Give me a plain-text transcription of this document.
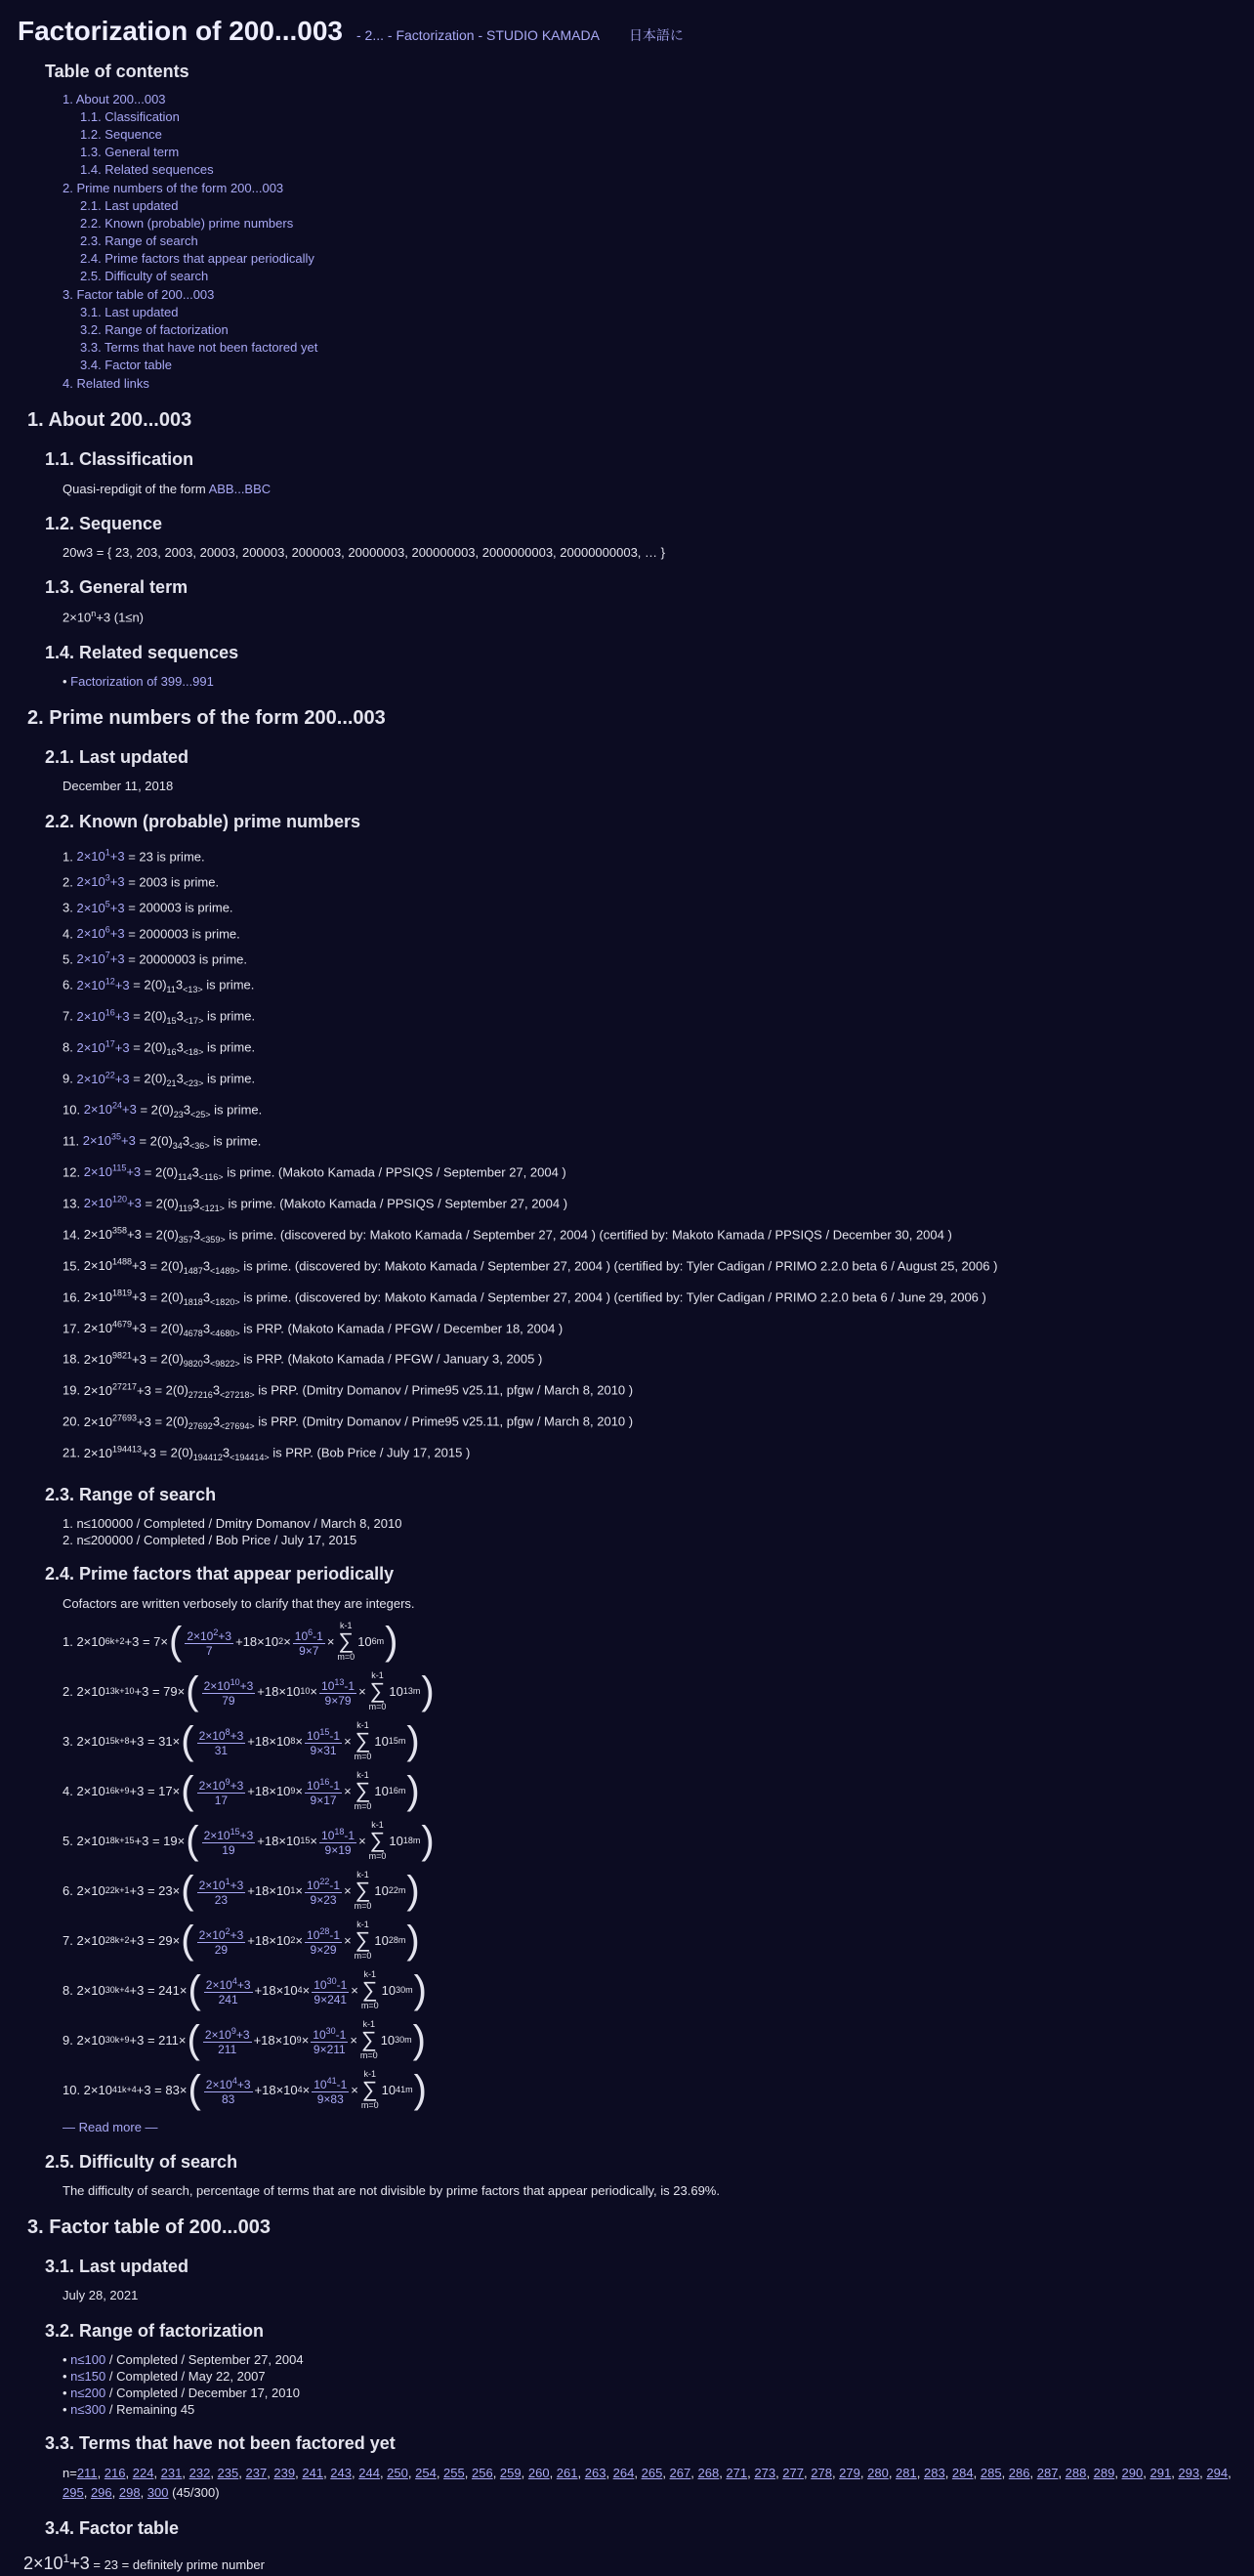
Factorization of 200...003 - 2... - Factorization - STUDIO KAMADA 日本語に
Table of contents
1. About 200...003
1.1. Classification
1.2. Sequence
1.3. General term
1.4. Related sequences
2. Prime numbers of the form 200...003
2.1. Last updated
2.2. Known (probable) prime numbers
2.3. Range of search
2.4. Prime factors that appear periodically
2.5. Difficulty of search
3. Factor table of 200...003
3.1. Last updated
3.2. Range of factorization
3.3. Terms that have not been factored yet
3.4. Factor table
4. Related links
1. About 200...003
1.1. Classification

Quasi-repdigit of the form ABB...BBC

1.2. Sequence

20w3 = { 23, 203, 2003, 20003, 200003, 2000003, 20000003, 200000003, 2000000003, 20000000003, … }

1.3. General term

$2\times 10^n+3$ (1≤n)

1.4. Related sequences

• Factorization of 399...991

2. Prime numbers of the form 200...003
2.1. Last updated

December 11, 2018

2.2. Known (probable) prime numbers
1. $2\times 10^1+3 = 23$ is prime.
2. $2\times 10^3+3 = 2003$ is prime.
3. $2\times 10^5+3 = 200003$ is prime.
4. $2\times 10^6+3 = 2000003$ is prime.
5. $2\times 10^7+3 = 20000003$ is prime.
6. $2\times 10^{12}+3 = 2(0)_{11}3_{<13>}$ is prime.
7. $2\times 10^{16}+3 = 2(0)_{15}3_{<17>}$ is prime.
8. $2\times 10^{17}+3 = 2(0)_{16}3_{<18>}$ is prime.
9. $2\times 10^{22}+3 = 2(0)_{21}3_{<23>}$ is prime.
10. $2\times 10^{24}+3 = 2(0)_{23}3_{<25>}$ is prime.
11. $2\times 10^{35}+3 = 2(0)_{34}3_{<36>}$ is prime.
12. $2\times 10^{115}+3 = 2(0)_{114}3_{<116>}$ is prime. (Makoto Kamada / PPSIQS / September 27, 2004 )
13. $2\times 10^{120}+3 = 2(0)_{119}3_{<121>}$ is prime. (Makoto Kamada / PPSIQS / September 27, 2004 )
14. $2\times 10^{358}+3 = 2(0)_{357}3_{<359>}$ is prime. (discovered by: Makoto Kamada / September 27, 2004 ) (certified by: Makoto Kamada / PPSIQS / December 30, 2004 )
15. $2\times 10^{1488}+3 = 2(0)_{1487}3_{<1489>}$ is prime. (discovered by: Makoto Kamada / September 27, 2004 ) (certified by: Tyler Cadigan / PRIMO 2.2.0 beta 6 / August 25, 2006 )
16. $2\times 10^{1819}+3 = 2(0)_{1818}3_{<1820>}$ is prime. (discovered by: Makoto Kamada / September 27, 2004 ) (certified by: Tyler Cadigan / PRIMO 2.2.0 beta 6 / June 29, 2006 )
17. $2\times 10^{4679}+3 = 2(0)_{4678}3_{<4680>}$ is PRP. (Makoto Kamada / PFGW / December 18, 2004 )
18. $2\times 10^{9821}+3 = 2(0)_{9820}3_{<9822>}$ is PRP. (Makoto Kamada / PFGW / January 3, 2005 )
19. $2\times 10^{27217}+3 = 2(0)_{27216}3_{<27218>}$ is PRP. (Dmitry Domanov / Prime95 v25.11, pfgw / March 8, 2010 )
20. $2\times 10^{27693}+3 = 2(0)_{27692}3_{<27694>}$ is PRP. (Dmitry Domanov / Prime95 v25.11, pfgw / March 8, 2010 )
21. $2\times 10^{194413}+3 = 2(0)_{194412}3_{<194414>}$ is PRP. (Bob Price / July 17, 2015 )
2.3. Range of search
1. n≤100000 / Completed / Dmitry Domanov / March 8, 2010
2. n≤200000 / Completed / Bob Price / July 17, 2015
2.4. Prime factors that appear periodically

Cofactors are written verbosely to clarify that they are integers.

1. 2×10 6k+2 +3 = 7× ( $\frac{2\times 10^2+3}{7} +18\times 10$ $2 \times \frac{10^6-1}{9\times 7}$ ×
k-1
∑
m=0
10 6m )
2. 2×10 13k+10 +3 = 79× ( $\frac{2\times 10^{10}+3}{79} +18\times 10$ $10 \times \frac{10^{13}-1}{9\times 79}$ ×
k-1
∑
m=0
10 13m )
3. 2×10 15k+8 +3 = 31× ( $\frac{2\times 10^8+3}{31} +18\times 10$ $8 \times \frac{10^{15}-1}{9\times 31}$ ×
k-1
∑
m=0
10 15m )
4. 2×10 16k+9 +3 = 17× ( $\frac{2\times 10^9+3}{17} +18\times 10$ $9 \times \frac{10^{16}-1}{9\times 17}$ ×
k-1
∑
m=0
10 16m )
5. 2×10 18k+15 +3 = 19× ( $\frac{2\times 10^{15}+3}{19} +18\times 10$ $15 \times \frac{10^{18}-1}{9\times 19}$ ×
k-1
∑
m=0
10 18m )
6. 2×10 22k+1 +3 = 23× ( $\frac{2\times 10^1+3}{23} +18\times 10$ $1 \times \frac{10^{22}-1}{9\times 23}$ ×
k-1
∑
m=0
10 22m )
7. 2×10 28k+2 +3 = 29× ( $\frac{2\times 10^2+3}{29} +18\times 10$ $2 \times \frac{10^{28}-1}{9\times 29}$ ×
k-1
∑
m=0
10 28m )
8. 2×10 30k+4 +3 = 241× ( $\frac{2\times 10^4+3}{241} +18\times 10$ $4 \times \frac{10^{30}-1}{9\times 241}$ ×
k-1
∑
m=0
10 30m )
9. 2×10 30k+9 +3 = 211× ( $\frac{2\times 10^9+3}{211} +18\times 10$ $9 \times \frac{10^{30}-1}{9\times 211}$ ×
k-1
∑
m=0
10 30m )
10. 2×10 41k+4 +3 = 83× ( $\frac{2\times 10^4+3}{83} +18\times 10$ $4 \times \frac{10^{41}-1}{9\times 83}$ ×
k-1
∑
m=0
10 41m )

— Read more —

2.5. Difficulty of search

The difficulty of search, percentage of terms that are not divisible by prime factors that appear periodically, is 23.69%.

3. Factor table of 200...003
3.1. Last updated

July 28, 2021

3.2. Range of factorization
• n≤100 / Completed / September 27, 2004
• n≤150 / Completed / May 22, 2007
• n≤200 / Completed / December 17, 2010
• n≤300 / Remaining 45
3.3. Terms that have not been factored yet
n=211, 216, 224, 231, 232, 235, 237, 239, 241, 243, 244, 250, 254, 255, 256, 259, 260, 261, 263, 264, 265, 267, 268, 271, 273, 277, 278, 279, 280, 281, 283, 284, 285, 286, 287, 288, 289, 290, 291, 293, 294, 295, 296, 298, 300 (45/300)
3.4. Factor table
$2\times 10^1+3 = 23$ = definitely prime number
